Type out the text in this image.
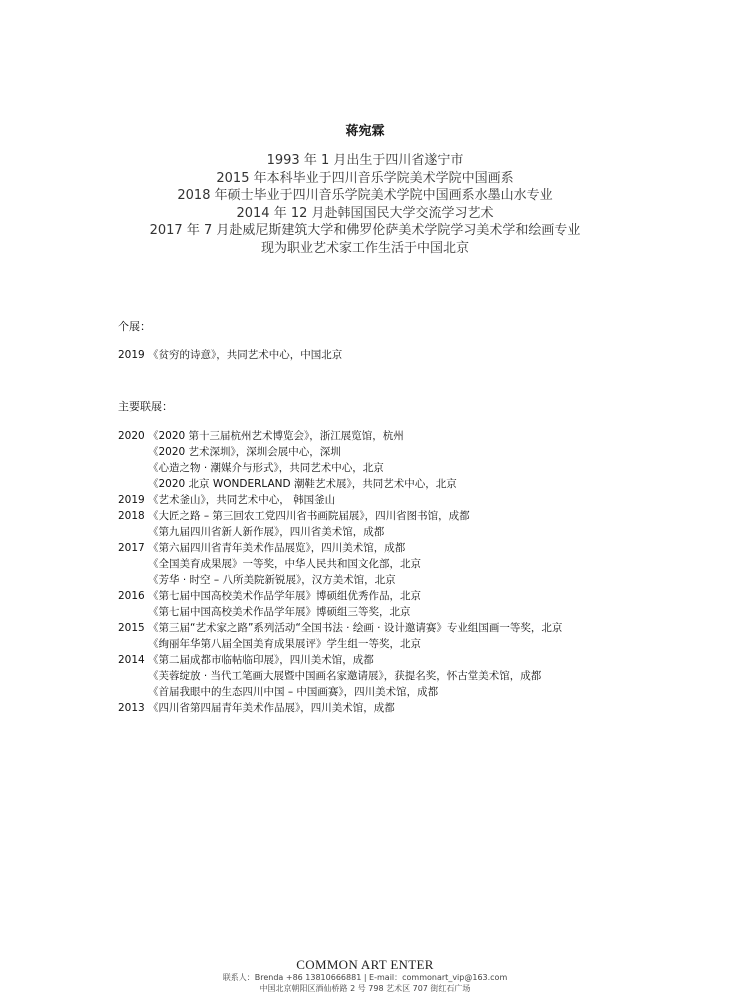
蒋宛霖
1993 年 1 月出生于四川省遂宁市
2015 年本科毕业于四川音乐学院美术学院中国画系
2018 年硕士毕业于四川音乐学院美术学院中国画系水墨山水专业
2014 年 12 月赴韩国国民大学交流学习艺术
2017 年 7 月赴威尼斯建筑大学和佛罗伦萨美术学院学习美术学和绘画专业
现为职业艺术家工作生活于中国北京
个展：
2019 《贫穷的诗意》，共同艺术中心，中国北京
主要联展：
2020 《2020 第十三届杭州艺术博览会》，浙江展览馆，杭州
《2020 艺术深圳》，深圳会展中心，深圳
《心造之物 · 潮媒介与形式》，共同艺术中心，北京
《2020 北京 WONDERLAND 潮鞋艺术展》，共同艺术中心，北京
2019 《艺术釜山》，共同艺术中心， 韩国釜山
2018 《大匠之路 – 第三回农工党四川省书画院届展》，四川省图书馆，成都
《第九届四川省新人新作展》，四川省美术馆，成都
2017 《第六届四川省青年美术作品展览》，四川美术馆，成都
《全国美育成果展》一等奖，中华人民共和国文化部，北京
《芳华 · 时空 – 八所美院新锐展》，汉方美术馆，北京
2016 《第七届中国高校美术作品学年展》博硕组优秀作品，北京
《第七届中国高校美术作品学年展》博硕组三等奖，北京
2015 《第三届“艺术家之路”系列活动“全国书法 · 绘画 · 设计邀请赛》专业组国画一等奖，北京
《绚丽年华第八届全国美育成果展评》学生组一等奖，北京
2014 《第二届成都市临帖临印展》，四川美术馆，成都
《芙蓉绽放 · 当代工笔画大展暨中国画名家邀请展》，获提名奖，怀古堂美术馆，成都
《首届我眼中的生态四川中国 – 中国画赛》，四川美术馆，成都
2013 《四川省第四届青年美术作品展》，四川美术馆，成都
COMMON ART ENTER
联系人：Brenda +86 13810666881 | E-mail：commonart_vip@163.com
中国北京朝阳区酒仙桥路 2 号 798 艺术区 707 街红石广场
